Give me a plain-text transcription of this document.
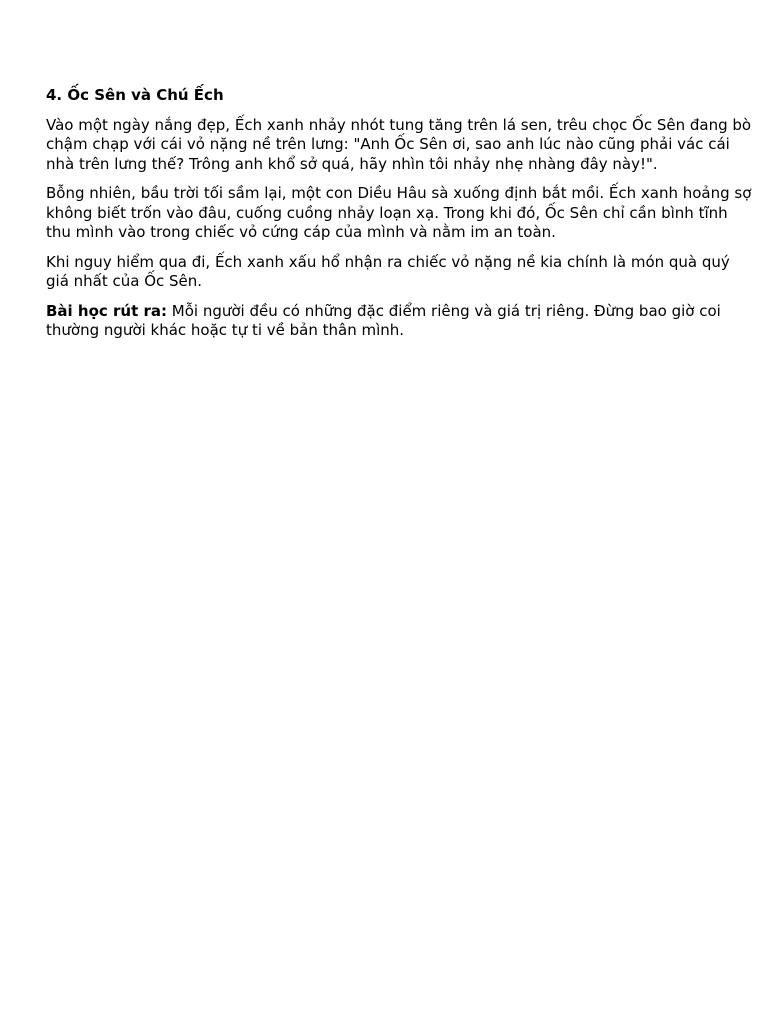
4. Ốc Sên và Chú Ếch

Vào một ngày nắng đẹp, Ếch xanh nhảy nhót tung tăng trên lá sen, trêu chọc Ốc Sên đang bò chậm chạp với cái vỏ nặng nề trên lưng: "Anh Ốc Sên ơi, sao anh lúc nào cũng phải vác cái nhà trên lưng thế? Trông anh khổ sở quá, hãy nhìn tôi nhảy nhẹ nhàng đây này!".

Bỗng nhiên, bầu trời tối sầm lại, một con Diều Hâu sà xuống định bắt mồi. Ếch xanh hoảng sợ không biết trốn vào đâu, cuống cuồng nhảy loạn xạ. Trong khi đó, Ốc Sên chỉ cần bình tĩnh thu mình vào trong chiếc vỏ cứng cáp của mình và nằm im an toàn.

Khi nguy hiểm qua đi, Ếch xanh xấu hổ nhận ra chiếc vỏ nặng nề kia chính là món quà quý giá nhất của Ốc Sên.

Bài học rút ra: Mỗi người đều có những đặc điểm riêng và giá trị riêng. Đừng bao giờ coi thường người khác hoặc tự ti về bản thân mình.
